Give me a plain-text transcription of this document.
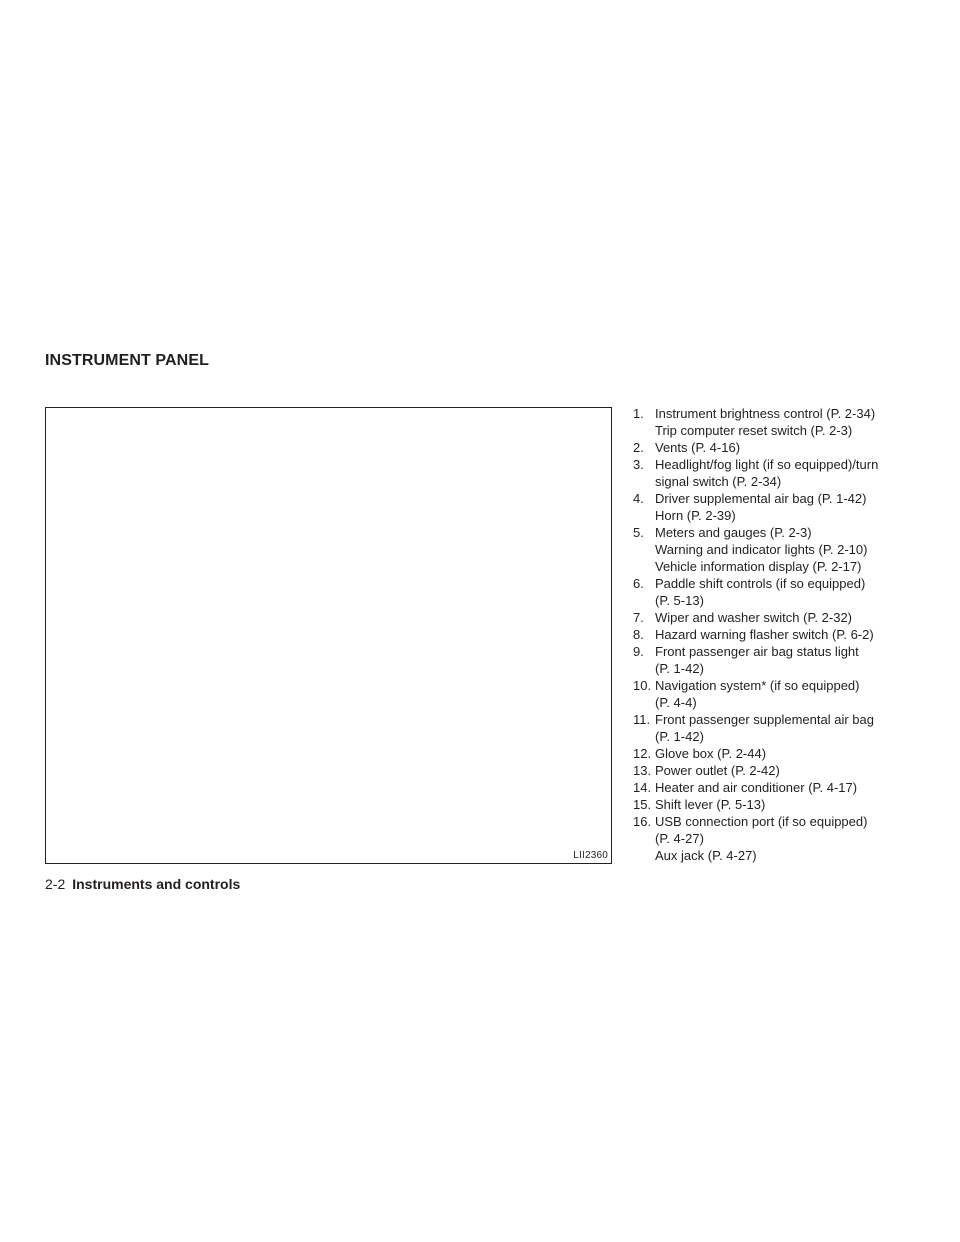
INSTRUMENT PANEL
LII2360
1. Instrument brightness control (P. 2-34)
Trip computer reset switch (P. 2-3)
2. Vents (P. 4-16)
3. Headlight/fog light (if so equipped)/turn
signal switch (P. 2-34)
4. Driver supplemental air bag (P. 1-42)
Horn (P. 2-39)
5. Meters and gauges (P. 2-3)
Warning and indicator lights (P. 2-10)
Vehicle information display (P. 2-17)
6. Paddle shift controls (if so equipped)
(P. 5-13)
7. Wiper and washer switch (P. 2-32)
8. Hazard warning flasher switch (P. 6-2)
9. Front passenger air bag status light
(P. 1-42)
10. Navigation system* (if so equipped)
(P. 4-4)
11. Front passenger supplemental air bag
(P. 1-42)
12. Glove box (P. 2-44)
13. Power outlet (P. 2-42)
14. Heater and air conditioner (P. 4-17)
15. Shift lever (P. 5-13)
16. USB connection port (if so equipped)
(P. 4-27)
Aux jack (P. 4-27)
2-2 Instruments and controls
